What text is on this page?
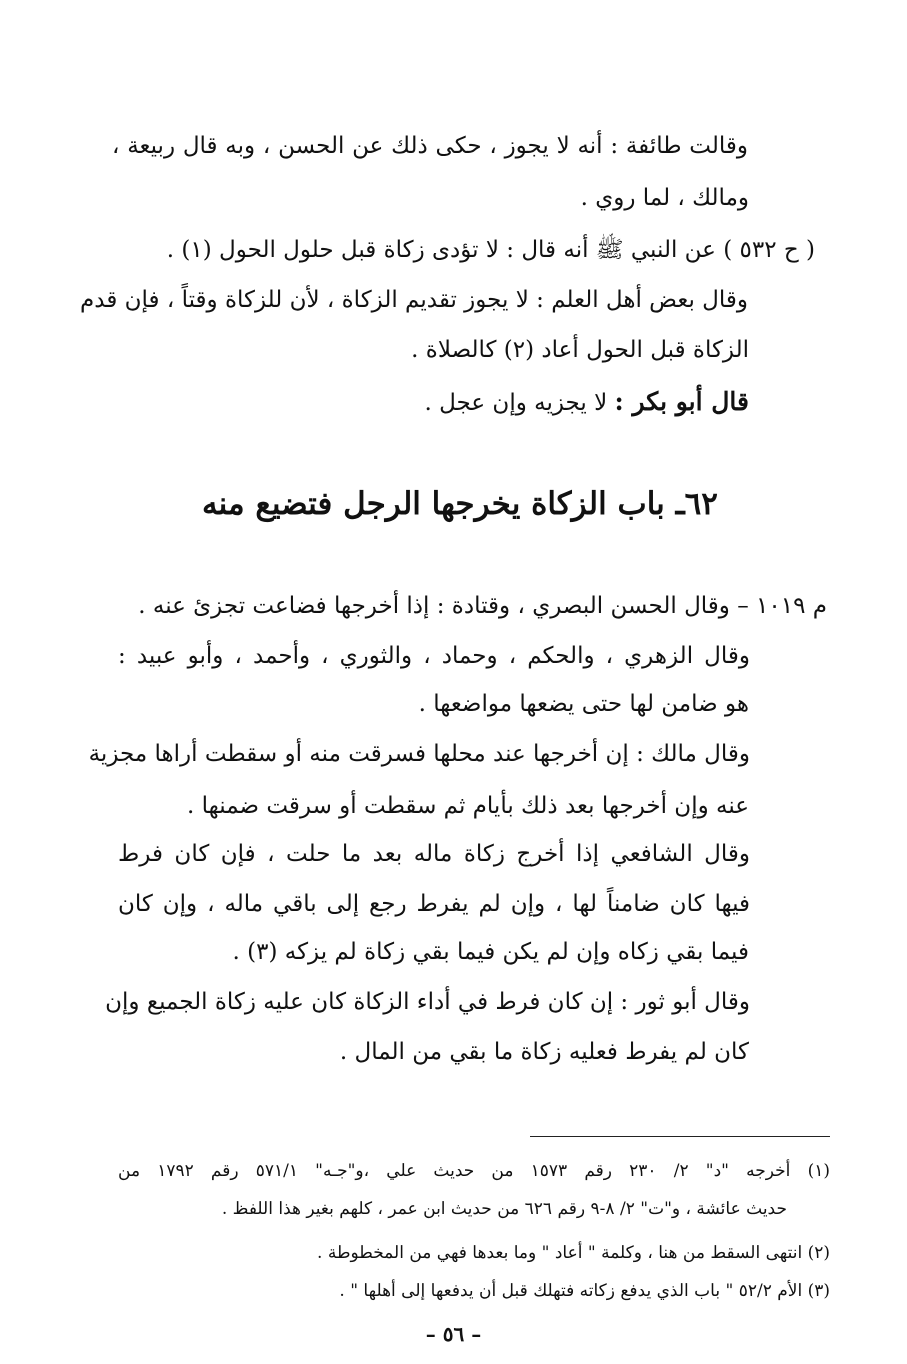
وقالت طائفة : أنه لا يجوز ، حكى ذلك عن الحسن ، وبه قال ربيعة ،
ومالك ، لما روي .
( ح ٥٣٢ ) عن النبي ﷺ أنه قال : لا تؤدى زكاة قبل حلول الحول (١) .
وقال بعض أهل العلم : لا يجوز تقديم الزكاة ، لأن للزكاة وقتاً ، فإن قدم
الزكاة قبل الحول أعاد (٢) كالصلاة .
قال أبو بكر : لا يجزيه وإن عجل .
٦٢ـ باب الزكاة يخرجها الرجل فتضيع منه
م ١٠١٩ – وقال الحسن البصري ، وقتادة : إذا أخرجها فضاعت تجزئ عنه .
وقال الزهري ، والحكم ، وحماد ، والثوري ، وأحمد ، وأبو عبيد :
هو ضامن لها حتى يضعها مواضعها .
وقال مالك : إن أخرجها عند محلها فسرقت منه أو سقطت أراها مجزية
عنه وإن أخرجها بعد ذلك بأيام ثم سقطت أو سرقت ضمنها .
وقال الشافعي إذا أخرج زكاة ماله بعد ما حلت ، فإن كان فرط
فيها كان ضامناً لها ، وإن لم يفرط رجع إلى باقي ماله ، وإن كان
فيما بقي زكاه وإن لم يكن فيما بقي زكاة لم يزكه (٣) .
وقال أبو ثور : إن كان فرط في أداء الزكاة كان عليه زكاة الجميع وإن
كان لم يفرط فعليه زكاة ما بقي من المال .
(١) أخرجه "د" ٢/ ٢٣٠ رقم ١٥٧٣ من حديث علي ،و"جـه" ٥٧١/١ رقم ١٧٩٢ من
حديث عائشة ، و"ت" ٢/ ٨-٩ رقم ٦٢٦ من حديث ابن عمر ، كلهم بغير هذا اللفظ .
(٢) انتهى السقط من هنا ، وكلمة " أعاد " وما بعدها فهي من المخطوطة .
(٣) الأم ٥٢/٢ " باب الذي يدفع زكاته فتهلك قبل أن يدفعها إلى أهلها " .
– ٥٦ –
